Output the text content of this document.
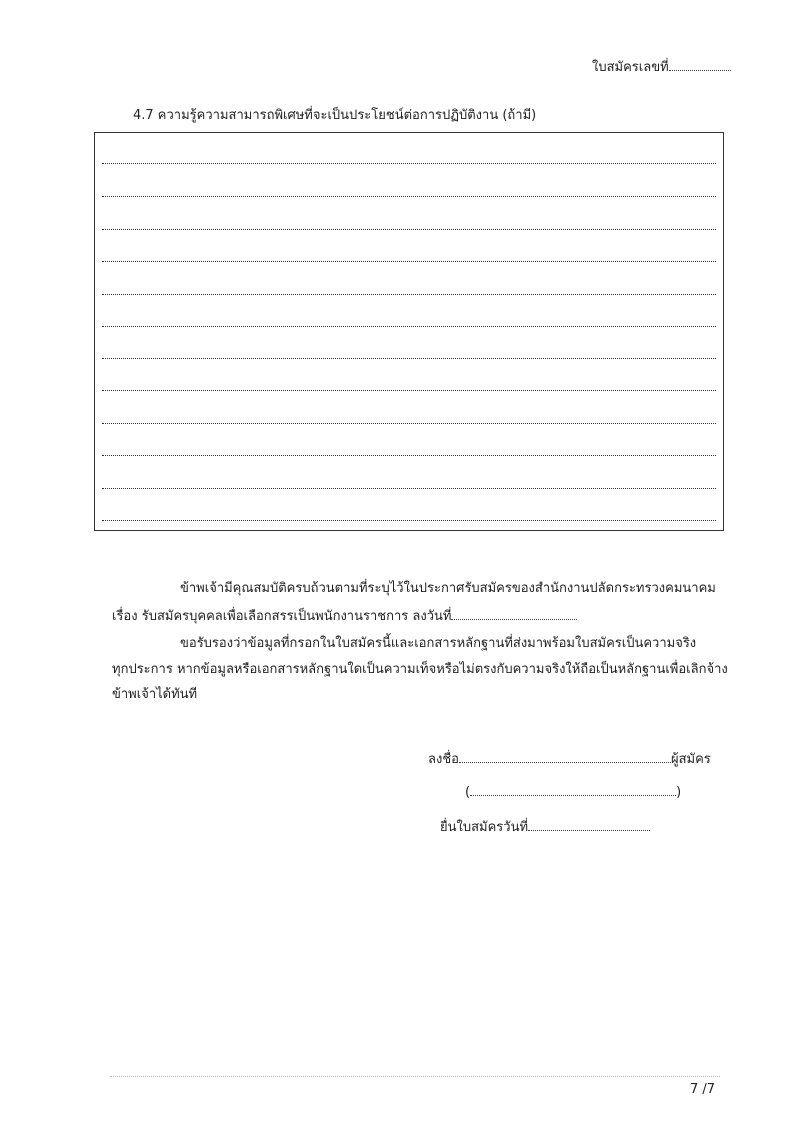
ใบสมัครเลขที่
4.7 ความรู้ความสามารถพิเศษที่จะเป็นประโยชน์ต่อการปฏิบัติงาน (ถ้ามี)
ข้าพเจ้ามีคุณสมบัติครบถ้วนตามที่ระบุไว้ในประกาศรับสมัครของสำนักงานปลัดกระทรวงคมนาคม
เรื่อง รับสมัครบุคคลเพื่อเลือกสรรเป็นพนักงานราชการ ลงวันที่
ขอรับรองว่าข้อมูลที่กรอกในใบสมัครนี้และเอกสารหลักฐานที่ส่งมาพร้อมใบสมัครเป็นความจริง
ทุกประการ หากข้อมูลหรือเอกสารหลักฐานใดเป็นความเท็จหรือไม่ตรงกับความจริงให้ถือเป็นหลักฐานเพื่อเลิกจ้าง
ข้าพเจ้าได้ทันที
ลงชื่อ	ผู้สมัคร
(	)
ยื่นใบสมัครวันที่
7 /7
